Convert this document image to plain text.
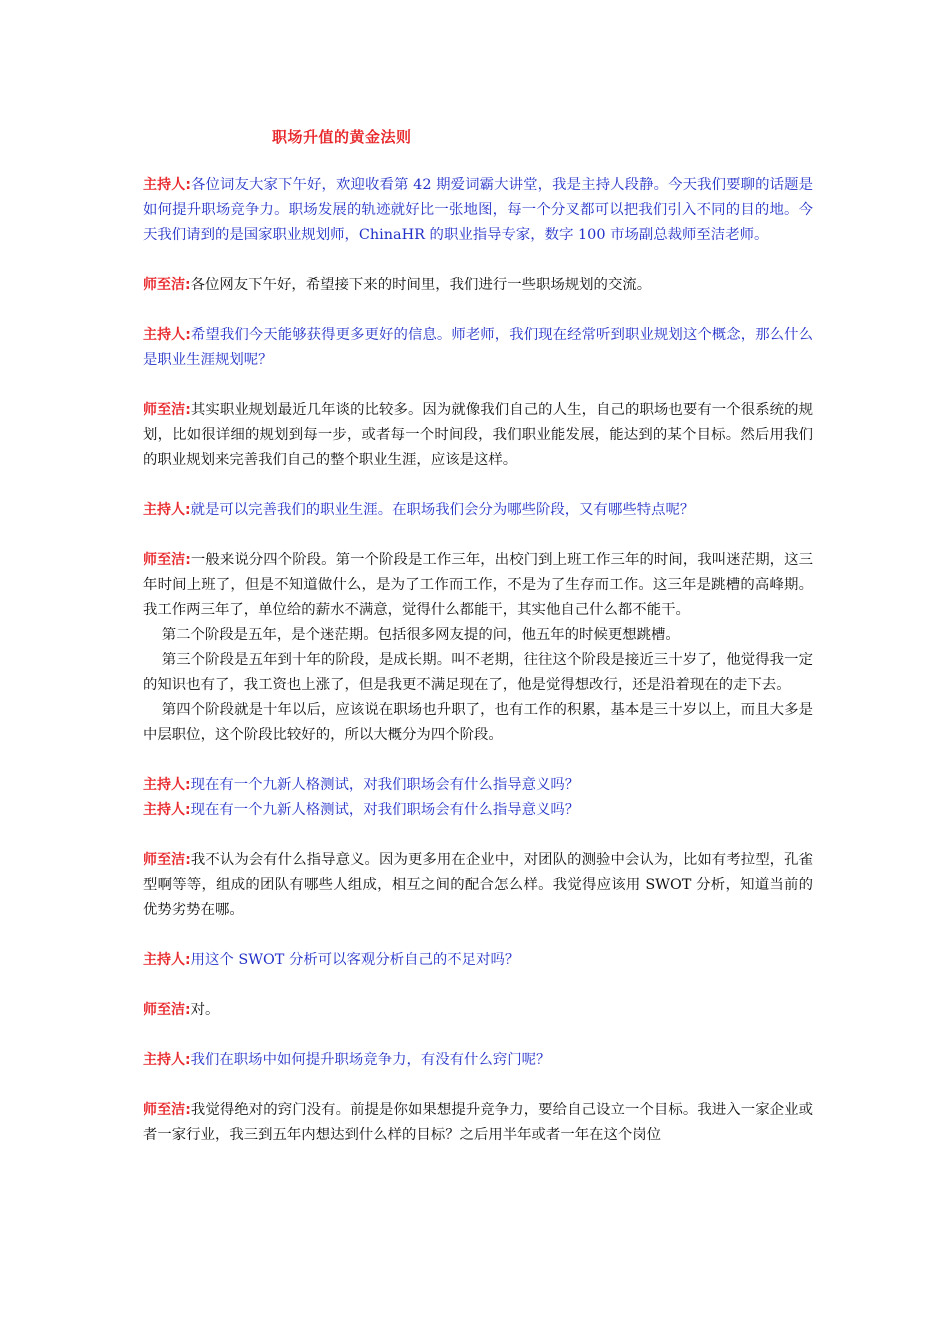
职场升值的黄金法则

主持人:各位词友大家下午好，欢迎收看第 42 期爱词霸大讲堂，我是主持人段静。今天我们要聊的话题是如何提升职场竞争力。职场发展的轨迹就好比一张地图，每一个分叉都可以把我们引入不同的目的地。今天我们请到的是国家职业规划师，ChinaHR 的职业指导专家，数字 100 市场副总裁师至洁老师。

师至洁:各位网友下午好，希望接下来的时间里，我们进行一些职场规划的交流。

主持人:希望我们今天能够获得更多更好的信息。师老师，我们现在经常听到职业规划这个概念，那么什么是职业生涯规划呢？

师至洁:其实职业规划最近几年谈的比较多。因为就像我们自己的人生，自己的职场也要有一个很系统的规划，比如很详细的规划到每一步，或者每一个时间段，我们职业能发展，能达到的某个目标。然后用我们的职业规划来完善我们自己的整个职业生涯，应该是这样。

主持人:就是可以完善我们的职业生涯。在职场我们会分为哪些阶段，又有哪些特点呢？

师至洁:一般来说分四个阶段。第一个阶段是工作三年，出校门到上班工作三年的时间，我叫迷茫期，这三年时间上班了，但是不知道做什么，是为了工作而工作，不是为了生存而工作。这三年是跳槽的高峰期。我工作两三年了，单位给的薪水不满意，觉得什么都能干，其实他自己什么都不能干。

第二个阶段是五年，是个迷茫期。包括很多网友提的问，他五年的时候更想跳槽。

第三个阶段是五年到十年的阶段，是成长期。叫不老期，往往这个阶段是接近三十岁了，他觉得我一定的知识也有了，我工资也上涨了，但是我更不满足现在了，他是觉得想改行，还是沿着现在的走下去。

第四个阶段就是十年以后，应该说在职场也升职了，也有工作的积累，基本是三十岁以上，而且大多是中层职位，这个阶段比较好的，所以大概分为四个阶段。

主持人:现在有一个九新人格测试，对我们职场会有什么指导意义吗？

主持人:现在有一个九新人格测试，对我们职场会有什么指导意义吗？

师至洁:我不认为会有什么指导意义。因为更多用在企业中，对团队的测验中会认为，比如有考拉型，孔雀型啊等等，组成的团队有哪些人组成，相互之间的配合怎么样。我觉得应该用 SWOT 分析，知道当前的优势劣势在哪。

主持人:用这个 SWOT 分析可以客观分析自己的不足对吗？

师至洁:对。

主持人:我们在职场中如何提升职场竞争力，有没有什么窍门呢？

师至洁:我觉得绝对的窍门没有。前提是你如果想提升竞争力，要给自己设立一个目标。我进入一家企业或者一家行业，我三到五年内想达到什么样的目标？之后用半年或者一年在这个岗位
